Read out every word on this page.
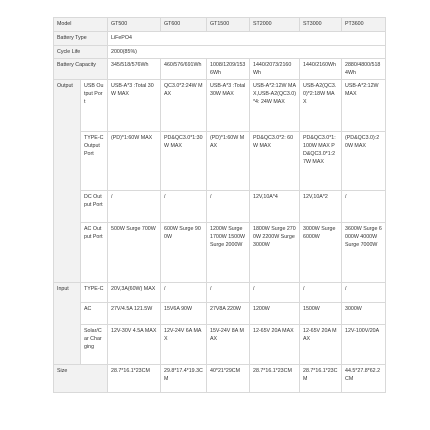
Model		GT500	GT600	GT1500	ST2000	ST3000	PT3600
Battery Type		LiFePO4					
Cycle Life		2000(85%)					
Battery Capacity		345/518/576Wh	460/576/691Wh	1008/1209/1536Wh	1440/2073/2160Wh	1440/2160Wh	2880/4800/5184Wh
Output	USB Output Port	USB-A*3 :Total 30W MAX	QC3.0*2:24W MAX	USB-A*3 :Total 30W MAX	USB-A*2:12W MAX,USB-A2(QC3.0)*4: 24W MAX	USB-A2(QC3.0)*2:18W MAX	USB-A*2:12W MAX
	TYPE-C Output Port	(PD)*1:60W MAX	PD&QC3.0*1:30W MAX	(PD)*1:60W MAX	PD&QC3.0*2: 60W MAX	PD&QC3.0*1:100W MAX PD&QC3.0*1:27W MAX	(PD&QC3.0):20W MAX
	DC Output Port	/	/	/	12V,10A*4	12V,10A*2	/
	AC Output Port	500W Surge 700W	600W Surge 900W	1200W Surge 1700W 1500W Surge 2000W	1800W Surge 2700W 2200W Surge 3000W	3000W Surge 6000W	3600W Surge 6000W 4000W Surge 7000W
Input	TYPE-C	20V,3A(60W) MAX	/	/	/	/	/
	AC	27V/4.5A 121.5W	15V6A 90W	27V8A 220W	1200W	1500W	3000W
	Solar/Car Charging	12V-30V 4.5A MAX	12V-24V 6A MAX	15V-24V 8A MAX	12-65V 20A MAX	12-65V 20A MAX	12V-100V/20A
Size		28.7*16.1*23CM	29.8*17.4*19.3CM	40*21*29CM	28.7*16.1*23CM	28.7*16.1*23CM	44.5*27.8*62.2CM
